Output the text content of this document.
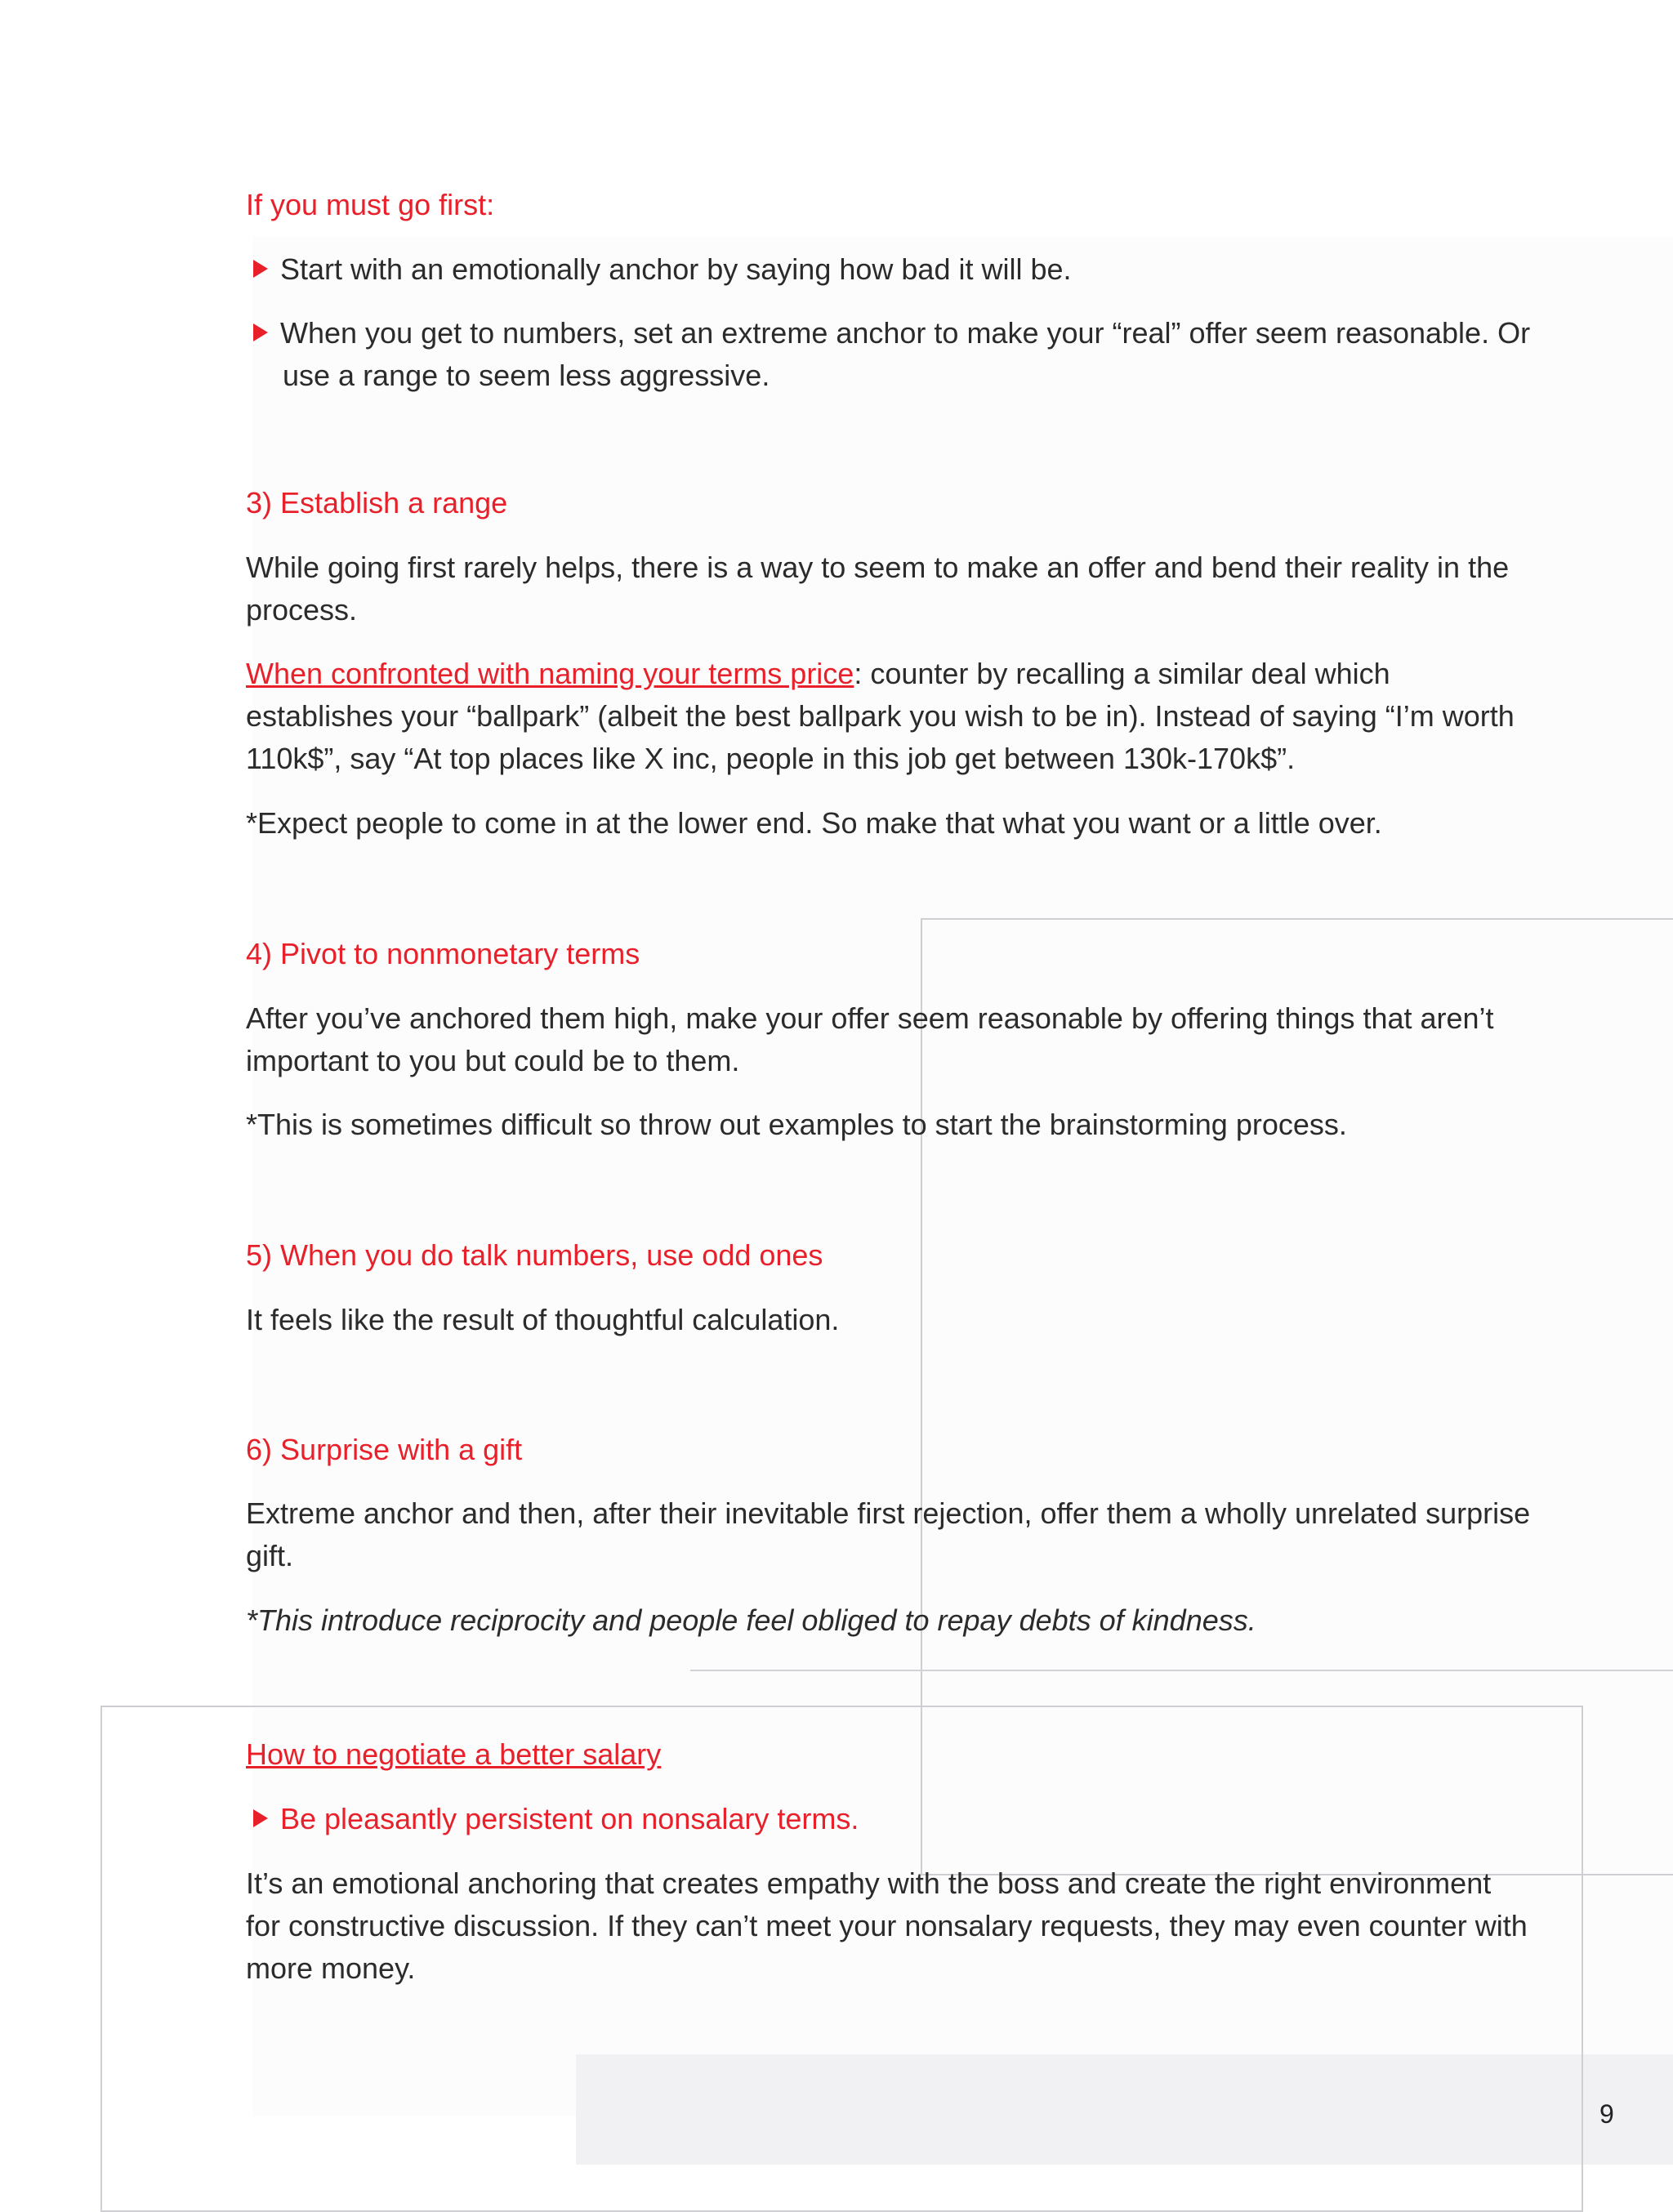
If you must go first:

Start with an emotionally anchor by saying how bad it will be.
When you get to numbers, set an extreme anchor to make your “real” offer seem reasonable. Or

use a range to seem less aggressive.

3) Establish a range

While going first rarely helps, there is a way to seem to make an offer and bend their reality in the

process.

When confronted with naming your terms price: counter by recalling a similar deal which

establishes your “ballpark” (albeit the best ballpark you wish to be in). Instead of saying “I’m worth

110k$”, say “At top places like X inc, people in this job get between 130k-170k$”.

*Expect people to come in at the lower end. So make that what you want or a little over.

4) Pivot to nonmonetary terms

After you’ve anchored them high, make your offer seem reasonable by offering things that aren’t

important to you but could be to them.

*This is sometimes difficult so throw out examples to start the brainstorming process.

5) When you do talk numbers, use odd ones

It feels like the result of thoughtful calculation.

6) Surprise with a gift

Extreme anchor and then, after their inevitable first rejection, offer them a wholly unrelated surprise

gift.

*This introduce reciprocity and people feel obliged to repay debts of kindness.

How to negotiate a better salary

Be pleasantly persistent on nonsalary terms.

It’s an emotional anchoring that creates empathy with the boss and create the right environment

for constructive discussion. If they can’t meet your nonsalary requests, they may even counter with

more money.

9
